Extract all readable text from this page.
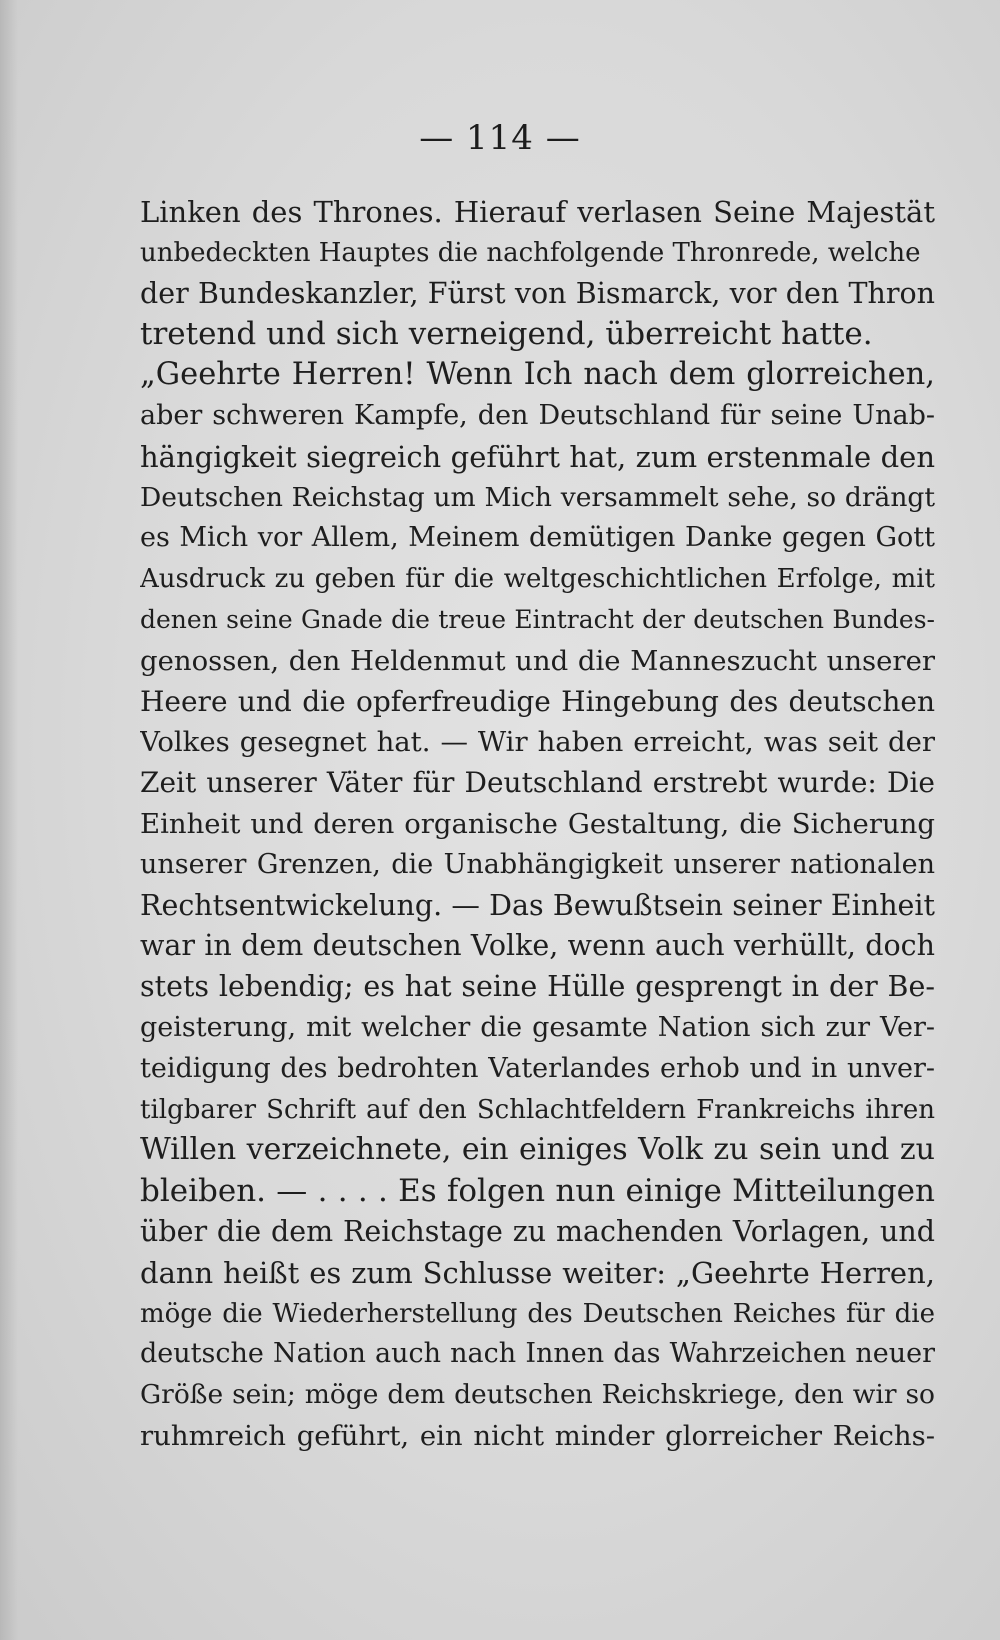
— 114 —
Linken des Thrones. Hierauf verlasen Seine Majestät
unbedeckten Hauptes die nachfolgende Thronrede, welche
der Bundeskanzler, Fürst von Bismarck, vor den Thron
tretend und sich verneigend, überreicht hatte.
„Geehrte Herren! Wenn Ich nach dem glorreichen,
aber schweren Kampfe, den Deutschland für seine Unab-
hängigkeit siegreich geführt hat, zum erstenmale den
Deutschen Reichstag um Mich versammelt sehe, so drängt
es Mich vor Allem, Meinem demütigen Danke gegen Gott
Ausdruck zu geben für die weltgeschichtlichen Erfolge, mit
denen seine Gnade die treue Eintracht der deutschen Bundes-
genossen, den Heldenmut und die Manneszucht unserer
Heere und die opferfreudige Hingebung des deutschen
Volkes gesegnet hat. — Wir haben erreicht, was seit der
Zeit unserer Väter für Deutschland erstrebt wurde: Die
Einheit und deren organische Gestaltung, die Sicherung
unserer Grenzen, die Unabhängigkeit unserer nationalen
Rechtsentwickelung. — Das Bewußtsein seiner Einheit
war in dem deutschen Volke, wenn auch verhüllt, doch
stets lebendig; es hat seine Hülle gesprengt in der Be-
geisterung, mit welcher die gesamte Nation sich zur Ver-
teidigung des bedrohten Vaterlandes erhob und in unver-
tilgbarer Schrift auf den Schlachtfeldern Frankreichs ihren
Willen verzeichnete, ein einiges Volk zu sein und zu
bleiben. — . . . . Es folgen nun einige Mitteilungen
über die dem Reichstage zu machenden Vorlagen, und
dann heißt es zum Schlusse weiter: „Geehrte Herren,
möge die Wiederherstellung des Deutschen Reiches für die
deutsche Nation auch nach Innen das Wahrzeichen neuer
Größe sein; möge dem deutschen Reichskriege, den wir so
ruhmreich geführt, ein nicht minder glorreicher Reichs-
